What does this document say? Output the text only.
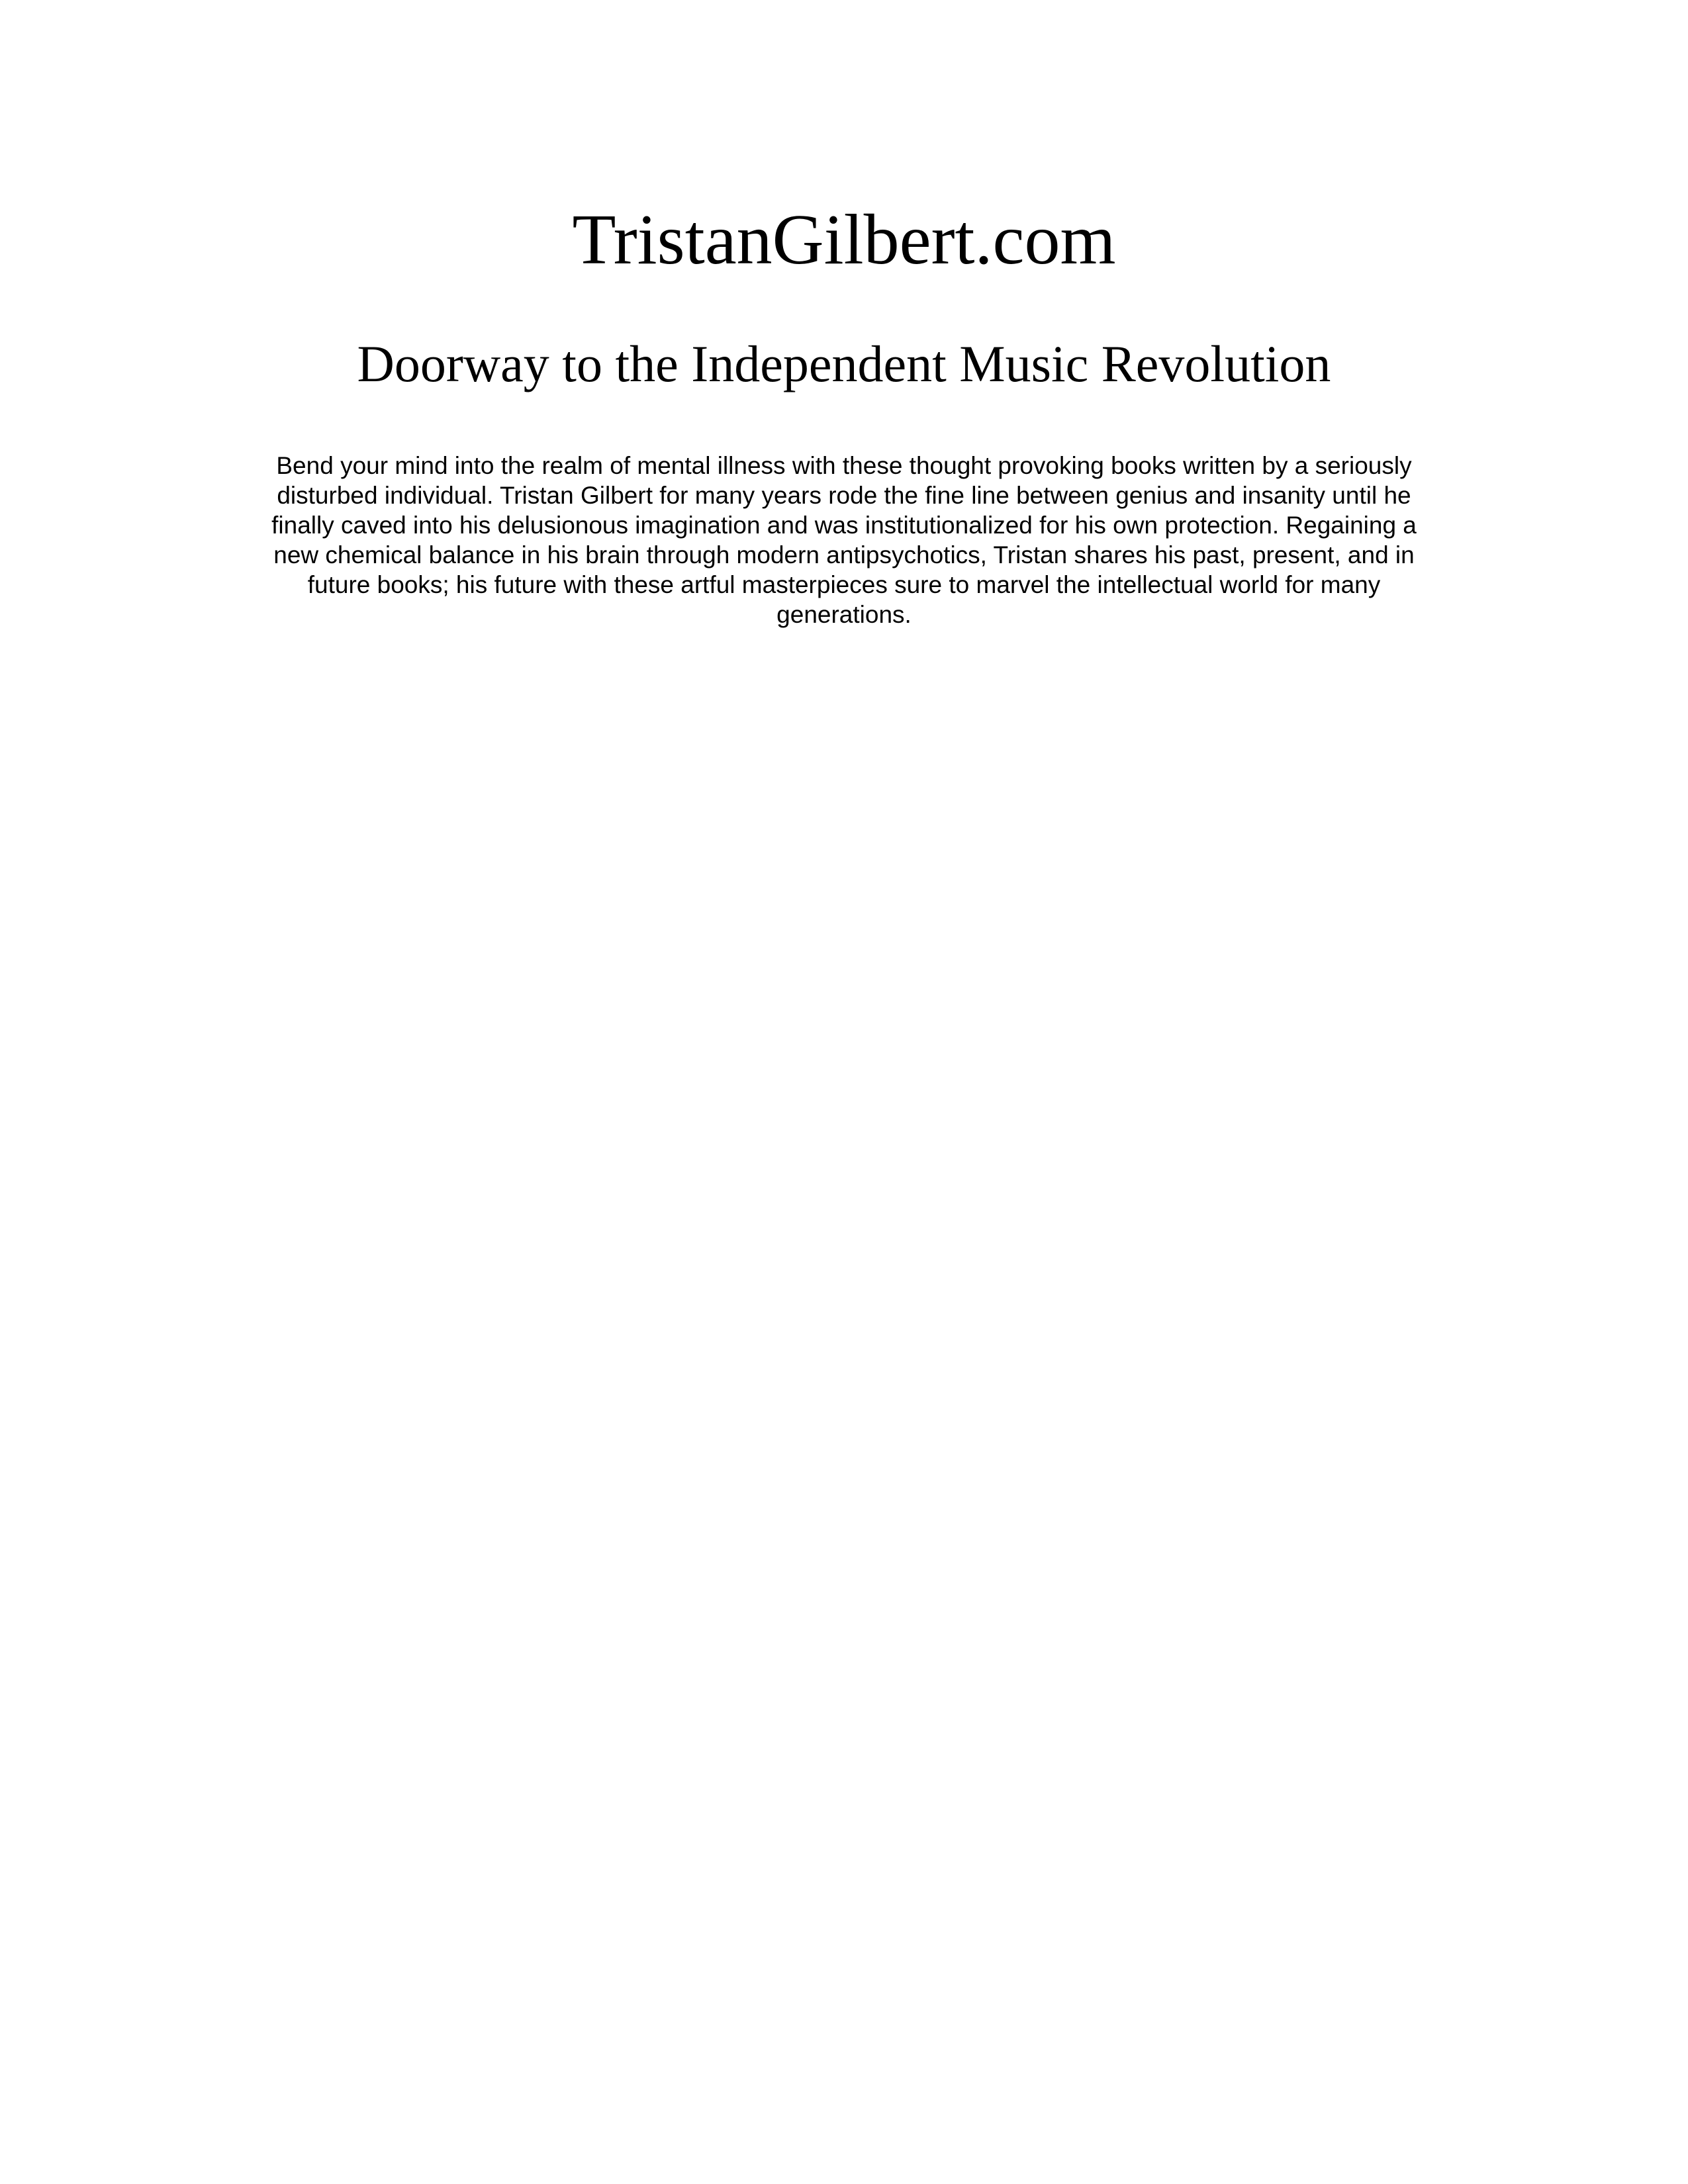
TristanGilbert.com
Doorway to the Independent Music Revolution
Bend your mind into the realm of mental illness with these thought provoking books written by a seriously
disturbed individual. Tristan Gilbert for many years rode the fine line between genius and insanity until he
finally caved into his delusionous imagination and was institutionalized for his own protection. Regaining a
new chemical balance in his brain through modern antipsychotics, Tristan shares his past, present, and in
future books; his future with these artful masterpieces sure to marvel the intellectual world for many
generations.
